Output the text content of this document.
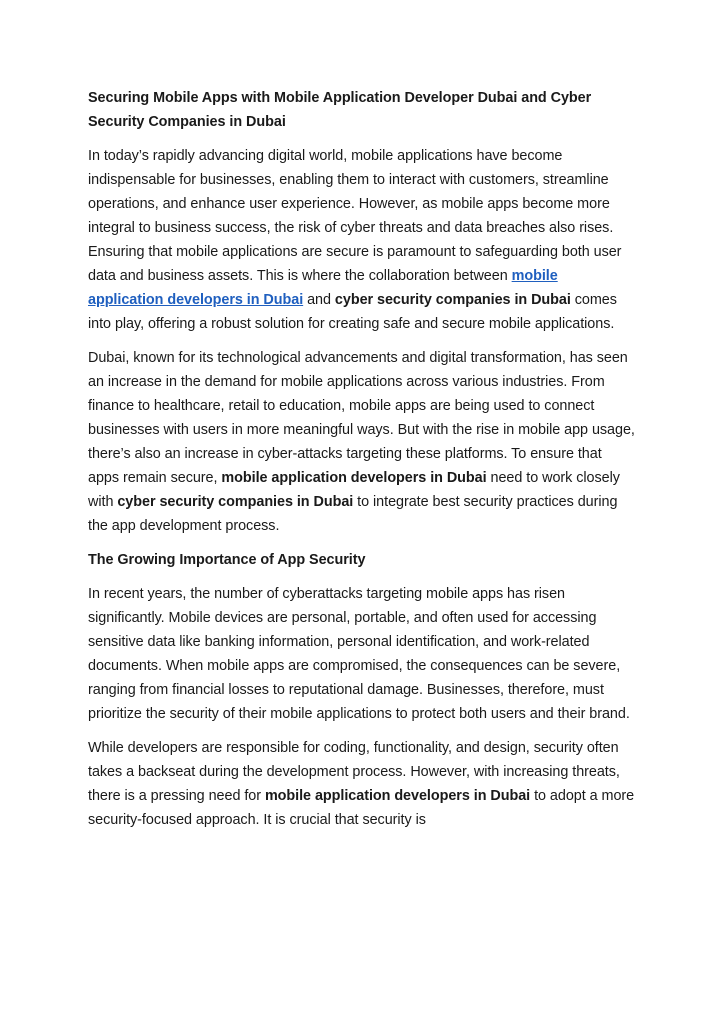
Securing Mobile Apps with Mobile Application Developer Dubai and Cyber Security Companies in Dubai

In today’s rapidly advancing digital world, mobile applications have become indispensable for businesses, enabling them to interact with customers, streamline operations, and enhance user experience. However, as mobile apps become more integral to business success, the risk of cyber threats and data breaches also rises. Ensuring that mobile applications are secure is paramount to safeguarding both user data and business assets. This is where the collaboration between mobile application developers in Dubai and cyber security companies in Dubai comes into play, offering a robust solution for creating safe and secure mobile applications.

Dubai, known for its technological advancements and digital transformation, has seen an increase in the demand for mobile applications across various industries. From finance to healthcare, retail to education, mobile apps are being used to connect businesses with users in more meaningful ways. But with the rise in mobile app usage, there’s also an increase in cyber-attacks targeting these platforms. To ensure that apps remain secure, mobile application developers in Dubai need to work closely with cyber security companies in Dubai to integrate best security practices during the app development process.

The Growing Importance of App Security

In recent years, the number of cyberattacks targeting mobile apps has risen significantly. Mobile devices are personal, portable, and often used for accessing sensitive data like banking information, personal identification, and work-related documents. When mobile apps are compromised, the consequences can be severe, ranging from financial losses to reputational damage. Businesses, therefore, must prioritize the security of their mobile applications to protect both users and their brand.

While developers are responsible for coding, functionality, and design, security often takes a backseat during the development process. However, with increasing threats, there is a pressing need for mobile application developers in Dubai to adopt a more security-focused approach. It is crucial that security is
